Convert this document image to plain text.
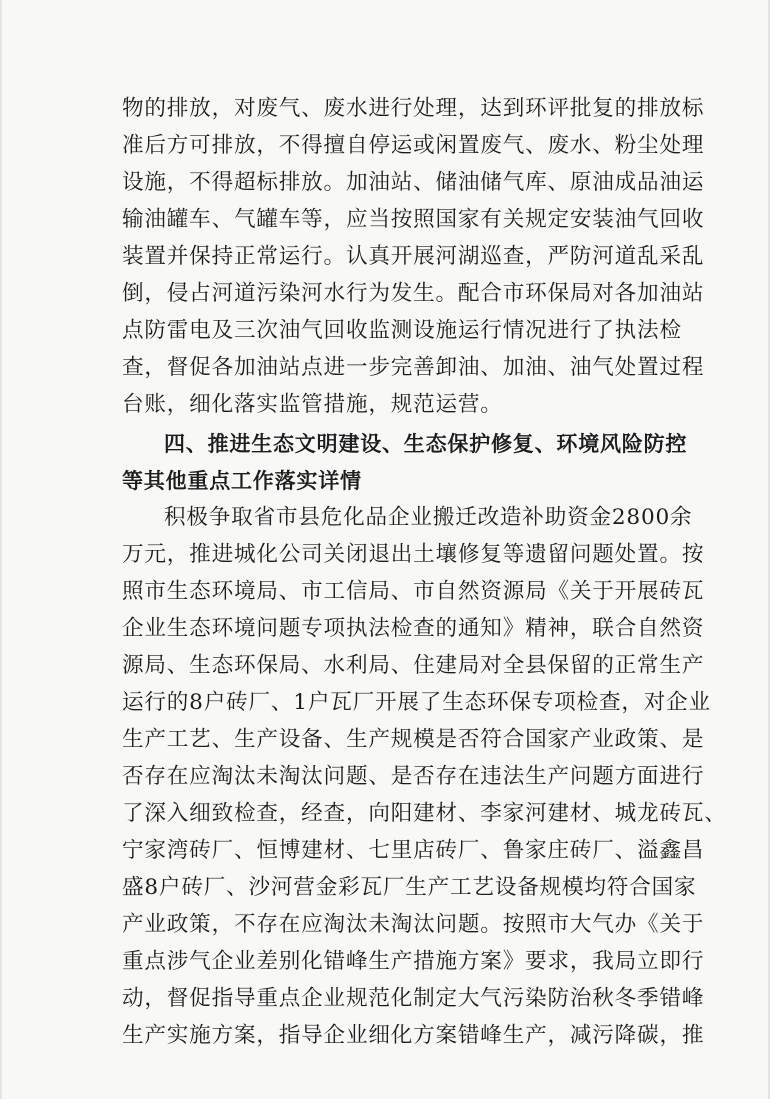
物的排放，对废气、废水进行处理，达到环评批复的排放标
准后方可排放，不得擅自停运或闲置废气、废水、粉尘处理
设施，不得超标排放。加油站、储油储气库、原油成品油运
输油罐车、气罐车等，应当按照国家有关规定安装油气回收
装置并保持正常运行。认真开展河湖巡查，严防河道乱采乱
倒，侵占河道污染河水行为发生。配合市环保局对各加油站
点防雷电及三次油气回收监测设施运行情况进行了执法检
查，督促各加油站点进一步完善卸油、加油、油气处置过程
台账，细化落实监管措施，规范运营。
四、推进生态文明建设、生态保护修复、环境风险防控
等其他重点工作落实详情
积极争取省市县危化品企业搬迁改造补助资金2800余
万元，推进城化公司关闭退出土壤修复等遗留问题处置。按
照市生态环境局、市工信局、市自然资源局《关于开展砖瓦
企业生态环境问题专项执法检查的通知》精神，联合自然资
源局、生态环保局、水利局、住建局对全县保留的正常生产
运行的8户砖厂、1户瓦厂开展了生态环保专项检查，对企业
生产工艺、生产设备、生产规模是否符合国家产业政策、是
否存在应淘汰未淘汰问题、是否存在违法生产问题方面进行
了深入细致检查，经查，向阳建材、李家河建材、城龙砖瓦、
宁家湾砖厂、恒博建材、七里店砖厂、鲁家庄砖厂、溢鑫昌
盛8户砖厂、沙河营金彩瓦厂生产工艺设备规模均符合国家
产业政策，不存在应淘汰未淘汰问题。按照市大气办《关于
重点涉气企业差别化错峰生产措施方案》要求，我局立即行
动，督促指导重点企业规范化制定大气污染防治秋冬季错峰
生产实施方案，指导企业细化方案错峰生产，减污降碳，推
